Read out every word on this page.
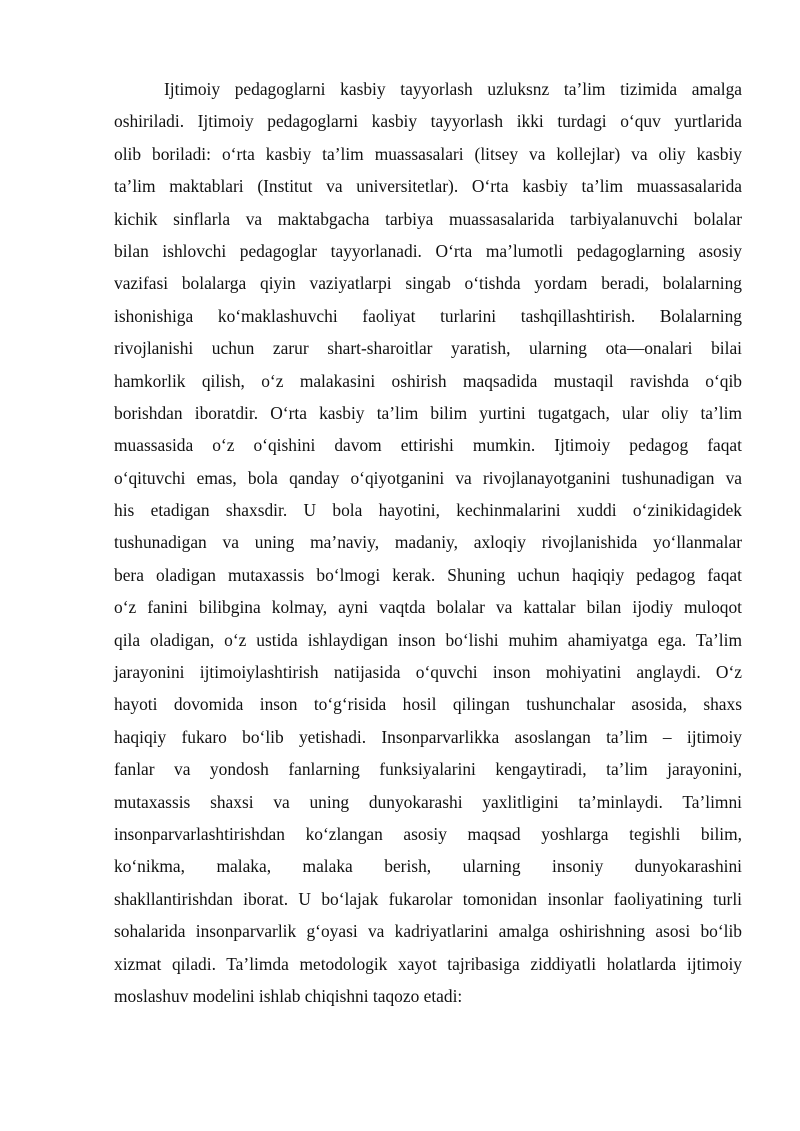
Ijtimoiy pedagoglarni kasbiy tayyorlash uzluksnz ta’lim tizimida amalga
oshiriladi. Ijtimoiy pedagoglarni kasbiy tayyorlash ikki turdagi o‘quv yurtlarida
olib boriladi: o‘rta kasbiy ta’lim muassasalari (litsey va kollejlar) va oliy kasbiy
ta’lim maktablari (Institut va universitetlar). O‘rta kasbiy ta’lim muassasalarida
kichik sinflarla va maktabgacha tarbiya muassasalarida tarbiyalanuvchi bolalar
bilan ishlovchi pedagoglar tayyorlanadi. O‘rta ma’lumotli pedagoglarning asosiy
vazifasi bolalarga qiyin vaziyatlarpi singab o‘tishda yordam beradi, bolalarning
ishonishiga ko‘maklashuvchi faoliyat turlarini tashqillashtirish. Bolalarning
rivojlanishi uchun zarur shart-sharoitlar yaratish, ularning ota—onalari bilai
hamkorlik qilish, o‘z malakasini oshirish maqsadida mustaqil ravishda o‘qib
borishdan iboratdir. O‘rta kasbiy ta’lim bilim yurtini tugatgach, ular oliy ta’lim
muassasida o‘z o‘qishini davom ettirishi mumkin. Ijtimoiy pedagog faqat
o‘qituvchi emas, bola qanday o‘qiyotganini va rivojlanayotganini tushunadigan va
his etadigan shaxsdir. U bola hayotini, kechinmalarini xuddi o‘zinikidagidek
tushunadigan va uning ma’naviy, madaniy, axloqiy rivojlanishida yo‘llanmalar
bera oladigan mutaxassis bo‘lmogi kerak. Shuning uchun haqiqiy pedagog faqat
o‘z fanini bilibgina kolmay, ayni vaqtda bolalar va kattalar bilan ijodiy muloqot
qila oladigan, o‘z ustida ishlaydigan inson bo‘lishi muhim ahamiyatga ega. Ta’lim
jarayonini ijtimoiylashtirish natijasida o‘quvchi inson mohiyatini anglaydi. O‘z
hayoti dovomida inson to‘g‘risida hosil qilingan tushunchalar asosida, shaxs
haqiqiy fukaro bo‘lib yetishadi. Insonparvarlikka asoslangan ta’lim – ijtimoiy
fanlar va yondosh fanlarning funksiyalarini kengaytiradi, ta’lim jarayonini,
mutaxassis shaxsi va uning dunyokarashi yaxlitligini ta’minlaydi. Ta’limni
insonparvarlashtirishdan ko‘zlangan asosiy maqsad yoshlarga tegishli bilim,
ko‘nikma, malaka, malaka berish, ularning insoniy dunyokarashini
shakllantirishdan iborat. U bo‘lajak fukarolar tomonidan insonlar faoliyatining turli
sohalarida insonparvarlik g‘oyasi va kadriyatlarini amalga oshirishning asosi bo‘lib
xizmat qiladi. Ta’limda metodologik xayot tajribasiga ziddiyatli holatlarda ijtimoiy
moslashuv modelini ishlab chiqishni taqozo etadi:
